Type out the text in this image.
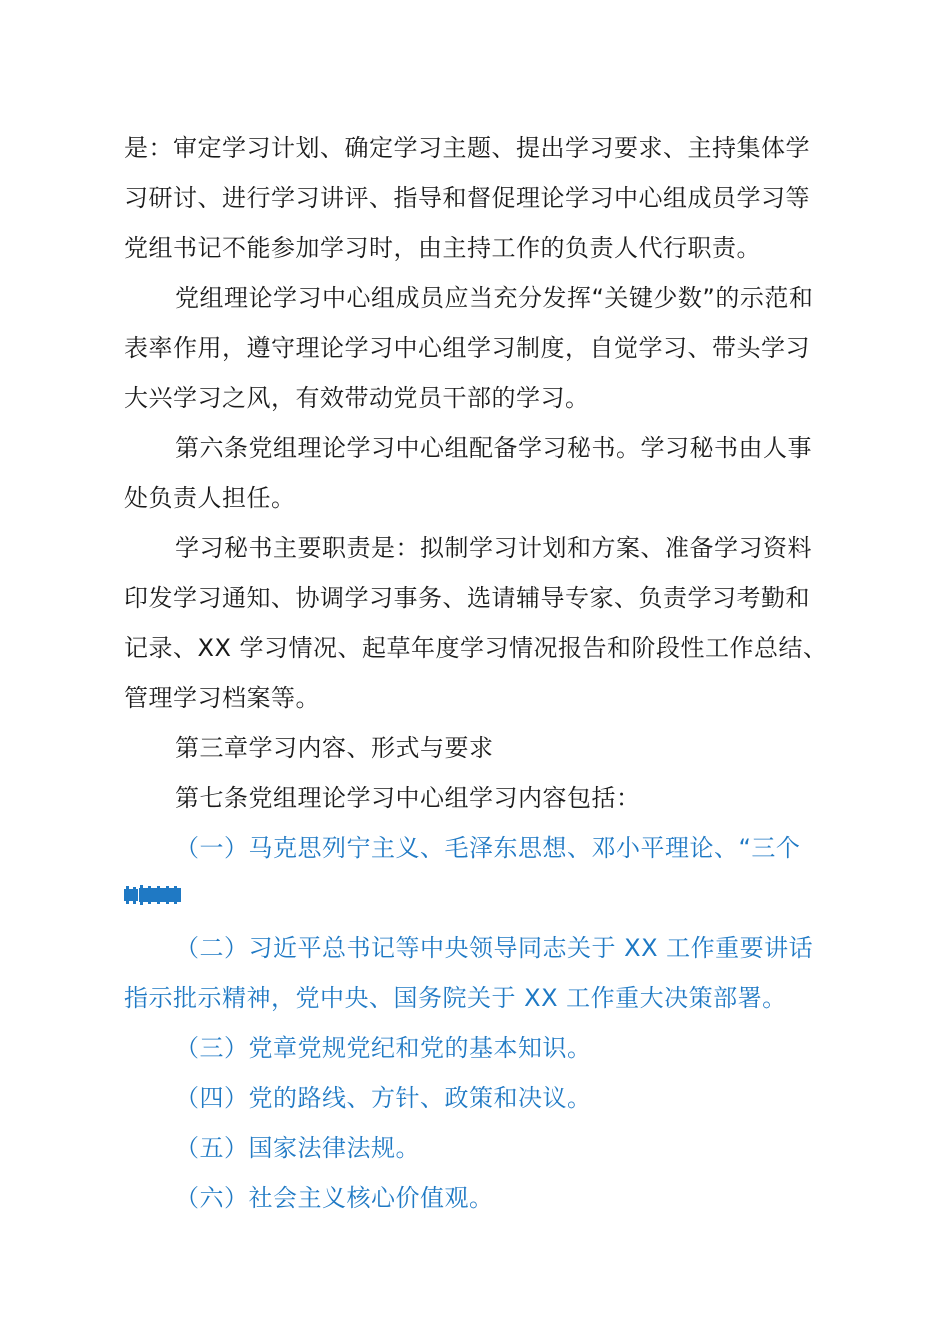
是：审定学习计划、确定学习主题、提出学习要求、主持集体学
习研讨、进行学习讲评、指导和督促理论学习中心组成员学习等
党组书记不能参加学习时，由主持工作的负责人代行职责。
党组理论学习中心组成员应当充分发挥“关键少数”的示范和
表率作用，遵守理论学习中心组学习制度，自觉学习、带头学习
大兴学习之风，有效带动党员干部的学习。
第六条党组理论学习中心组配备学习秘书。学习秘书由人事
处负责人担任。
学习秘书主要职责是：拟制学习计划和方案、准备学习资料
印发学习通知、协调学习事务、选请辅导专家、负责学习考勤和
记录、XX 学习情况、起草年度学习情况报告和阶段性工作总结、
管理学习档案等。
第三章学习内容、形式与要求
第七条党组理论学习中心组学习内容包括：
（一）马克思列宁主义、毛泽东思想、邓小平理论、“三个
（二）习近平总书记等中央领导同志关于 XX 工作重要讲话
指示批示精神，党中央、国务院关于 XX 工作重大决策部署。
（三）党章党规党纪和党的基本知识。
（四）党的路线、方针、政策和决议。
（五）国家法律法规。
（六）社会主义核心价值观。
